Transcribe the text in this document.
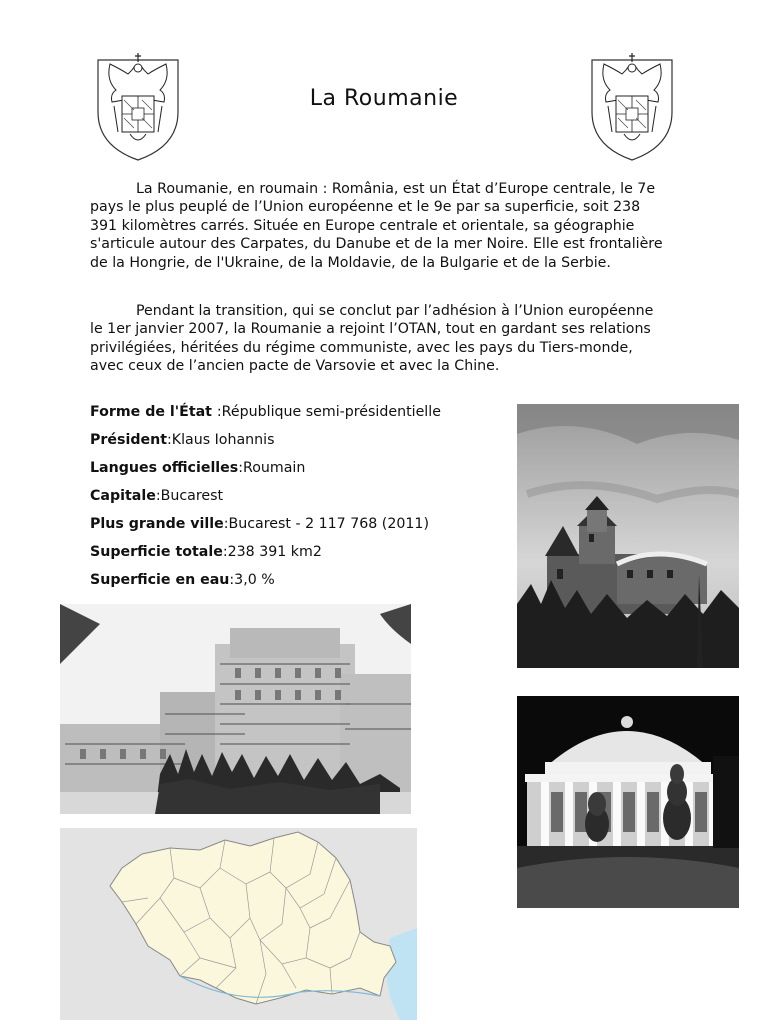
La Roumanie

La Roumanie, en roumain : România, est un État d’Europe centrale, le 7e pays le plus peuplé de l’Union européenne et le 9e par sa superficie, soit 238 391 kilomètres carrés. Située en Europe centrale et orientale, sa géographie s'articule autour des Carpates, du Danube et de la mer Noire. Elle est frontalière de la Hongrie, de l'Ukraine, de la Moldavie, de la Bulgarie et de la Serbie.

Pendant la transition, qui se conclut par l’adhésion à l’Union européenne le 1er janvier 2007, la Roumanie a rejoint l’OTAN, tout en gardant ses relations privilégiées, héritées du régime communiste, avec les pays du Tiers-monde, avec ceux de l’ancien pacte de Varsovie et avec la Chine.

Forme de l'État :République semi-présidentielle
Président:Klaus Iohannis
Langues officielles:Roumain
Capitale:Bucarest
Plus grande ville:Bucarest - 2 117 768 (2011)
Superficie totale:238 391 km2
Superficie en eau:3,0 %
